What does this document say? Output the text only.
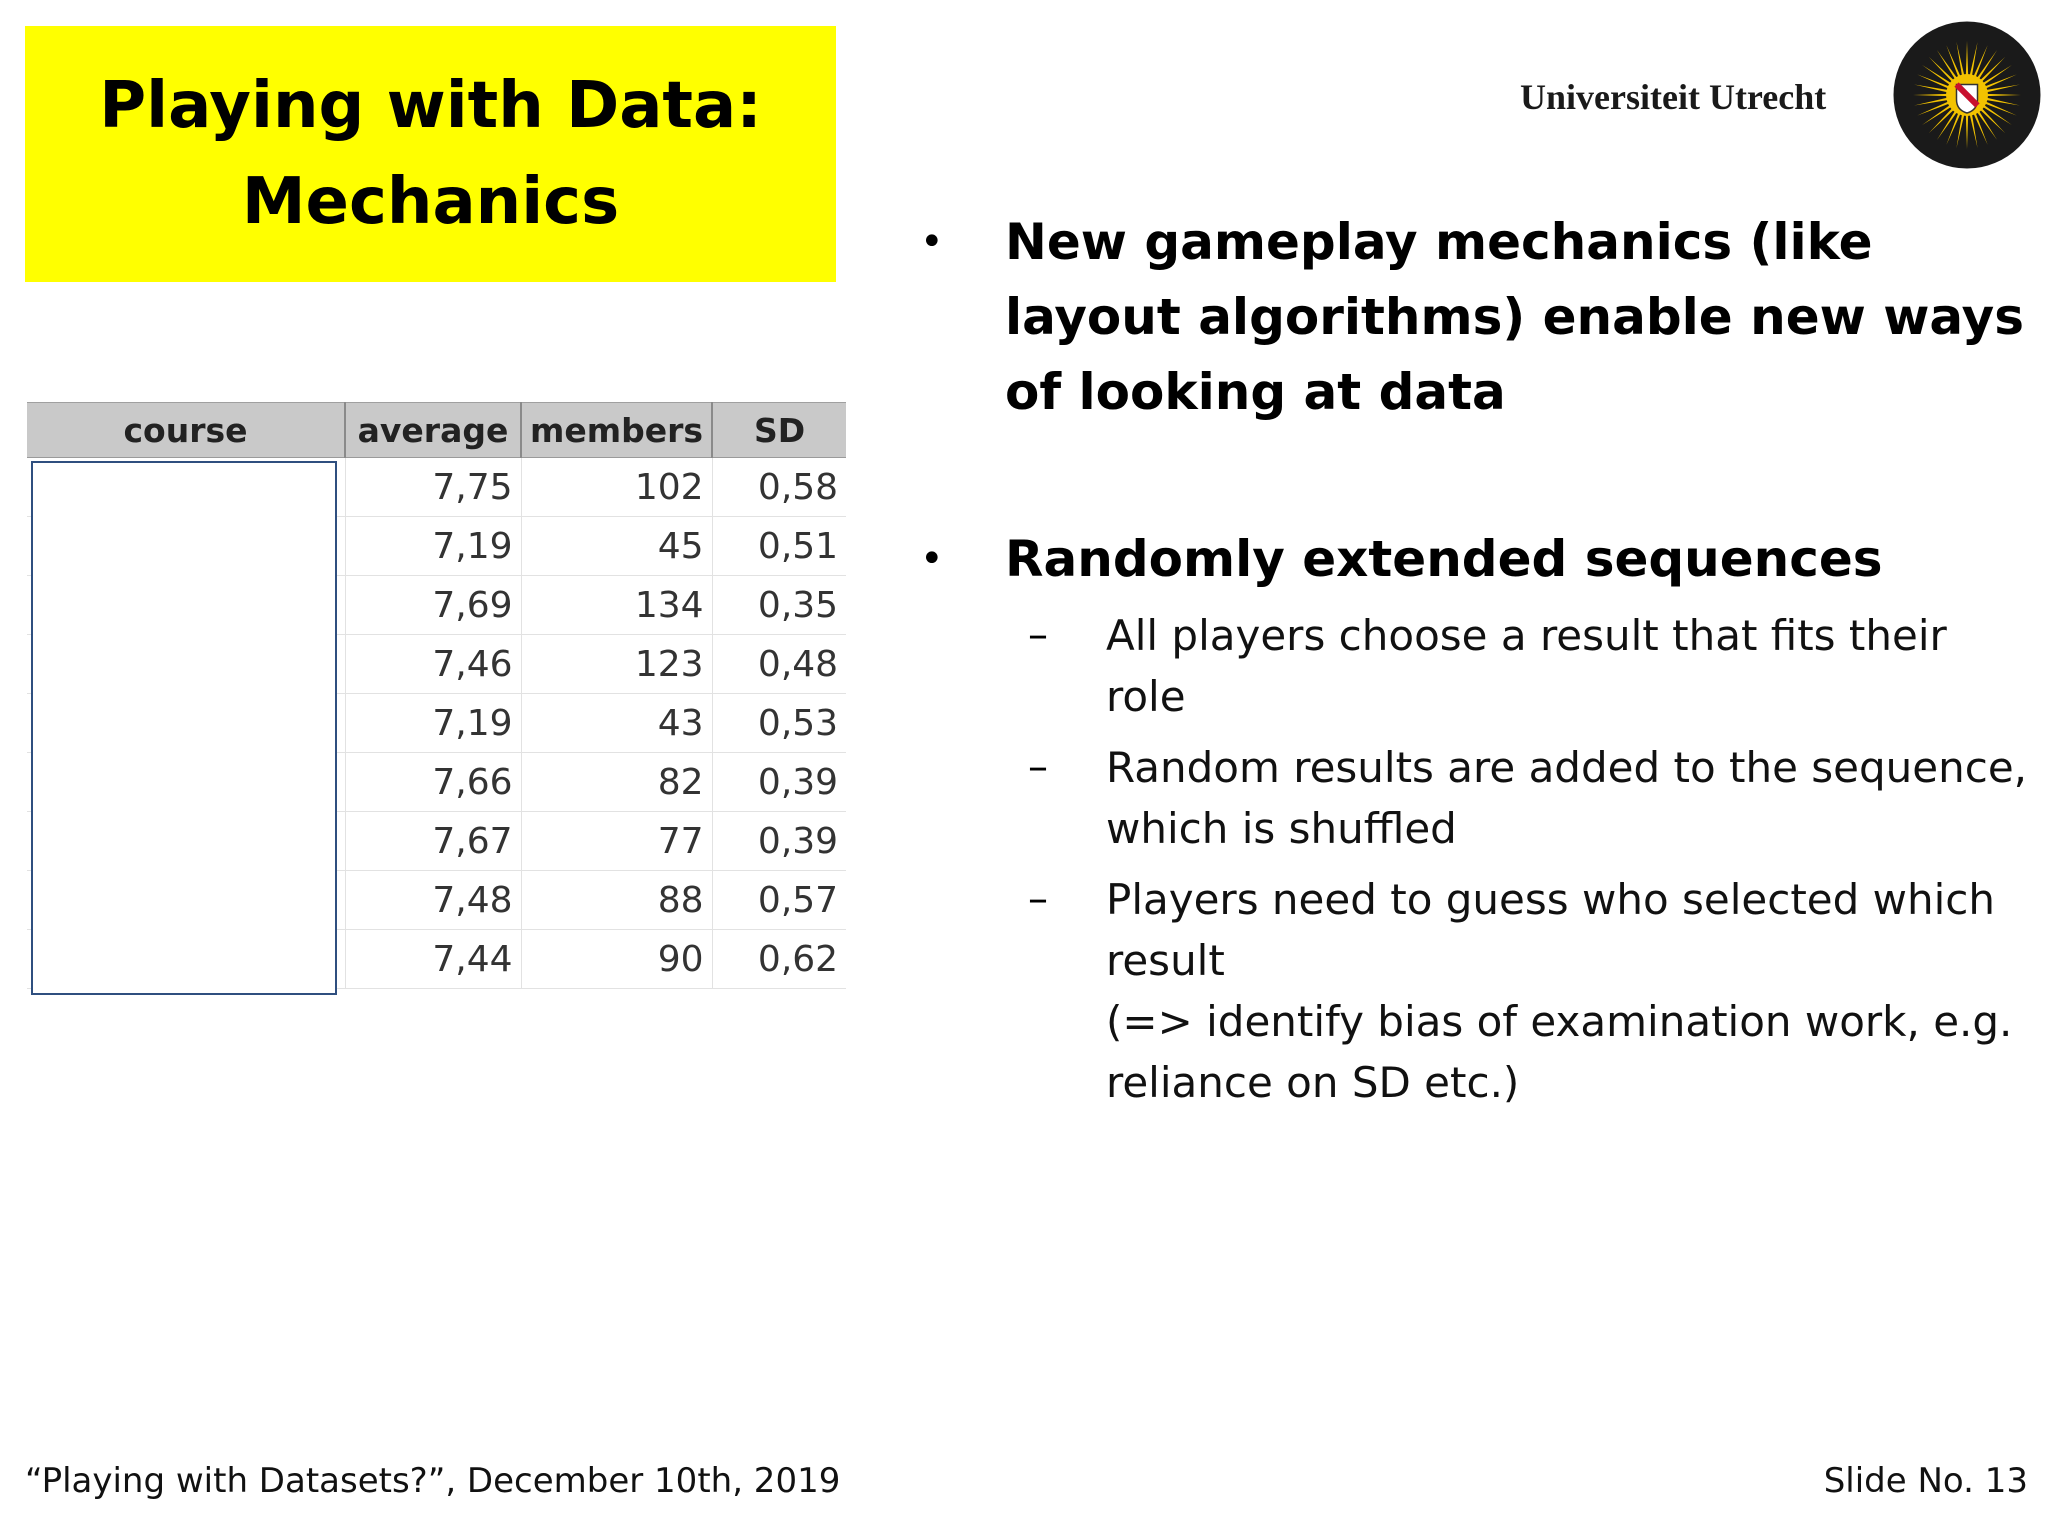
Playing with Data:
Mechanics
Universiteit Utrecht
course	average	members	SD
	7,75	102	0,58
	7,19	45	0,51
	7,69	134	0,35
	7,46	123	0,48
	7,19	43	0,53
	7,66	82	0,39
	7,67	77	0,39
	7,48	88	0,57
	7,44	90	0,62
• New gameplay mechanics (like layout algorithms) enable new ways of looking at data
• Randomly extended sequences
– All players choose a result that fits their role
– Random results are added to the sequence, which is shuffled
– Players need to guess who selected which result
(=> identify bias of examination work, e.g. reliance on SD etc.)
“Playing with Datasets?”, December 10th, 2019	Slide No. 13
